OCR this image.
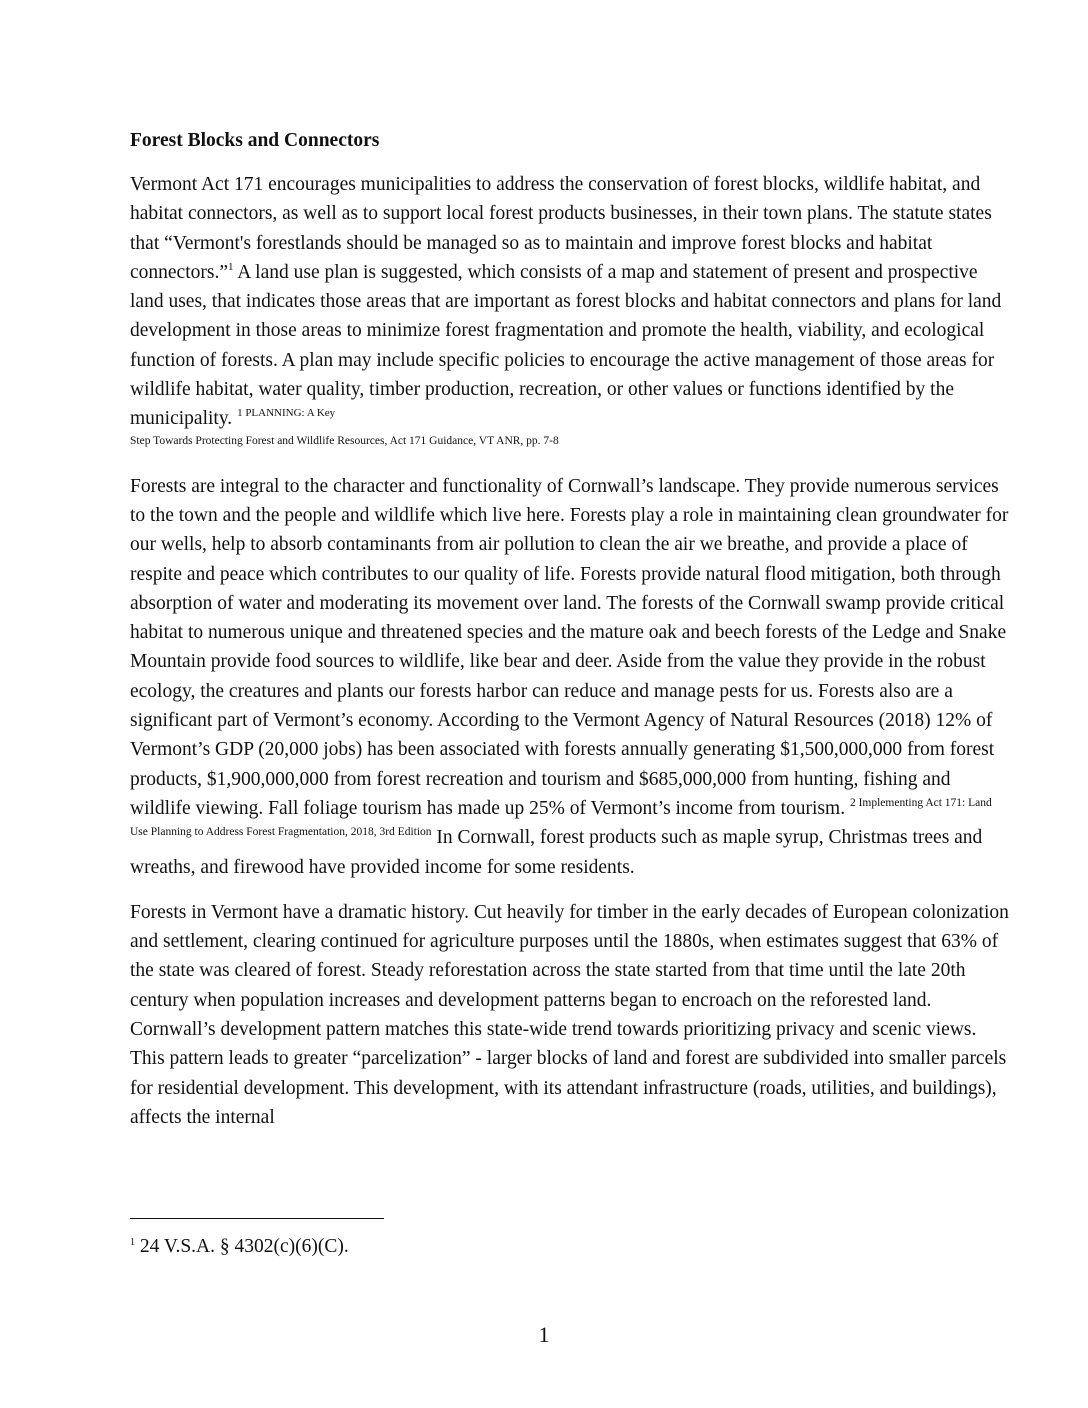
Forest Blocks and Connectors

Vermont Act 171 encourages municipalities to address the conservation of forest blocks, wildlife habitat, and habitat connectors, as well as to support local forest products businesses, in their town plans. The statute states that “Vermont's forestlands should be managed so as to maintain and improve forest blocks and habitat connectors.”$^1$ A land use plan is suggested, which consists of a map and statement of present and prospective land uses, that indicates those areas that are important as forest blocks and habitat connectors and plans for land development in those areas to minimize forest fragmentation and promote the health, viability, and ecological function of forests. A plan may include specific policies to encourage the active management of those areas for wildlife habitat, water quality, timber production, recreation, or other values or functions identified by the municipality. $^{1 PLANNING: A Key}$
Step Towards Protecting Forest and Wildlife Resources, Act 171 Guidance, VT ANR, pp. 7-8

Forests are integral to the character and functionality of Cornwall’s landscape. They provide numerous services to the town and the people and wildlife which live here. Forests play a role in maintaining clean groundwater for our wells, help to absorb contaminants from air pollution to clean the air we breathe, and provide a place of respite and peace which contributes to our quality of life. Forests provide natural flood mitigation, both through absorption of water and moderating its movement over land. The forests of the Cornwall swamp provide critical habitat to numerous unique and threatened species and the mature oak and beech forests of the Ledge and Snake Mountain provide food sources to wildlife, like bear and deer. Aside from the value they provide in the robust ecology, the creatures and plants our forests harbor can reduce and manage pests for us. Forests also are a significant part of Vermont’s economy. According to the Vermont Agency of Natural Resources (2018) 12% of Vermont’s GDP (20,000 jobs) has been associated with forests annually generating $1,500,000,000 from forest products, $1,900,000,000 from forest recreation and tourism and $685,000,000 from hunting, fishing and wildlife viewing. Fall foliage tourism has made up 25% of Vermont’s income from tourism. $^{2 Implementing Act 171: Land Use Planning to Address Forest Fragmentation, 2018, 3rd Edition}$ In Cornwall, forest products such as maple syrup, Christmas trees and wreaths, and firewood have provided income for some residents.

Forests in Vermont have a dramatic history. Cut heavily for timber in the early decades of European colonization and settlement, clearing continued for agriculture purposes until the 1880s, when estimates suggest that 63% of the state was cleared of forest. Steady reforestation across the state started from that time until the late 20th century when population increases and development patterns began to encroach on the reforested land. Cornwall’s development pattern matches this state-wide trend towards prioritizing privacy and scenic views. This pattern leads to greater “parcelization” - larger blocks of land and forest are subdivided into smaller parcels for residential development. This development, with its attendant infrastructure (roads, utilities, and buildings), affects the internal

$^1$ 24 V.S.A. § 4302(c)(6)(C).
1
